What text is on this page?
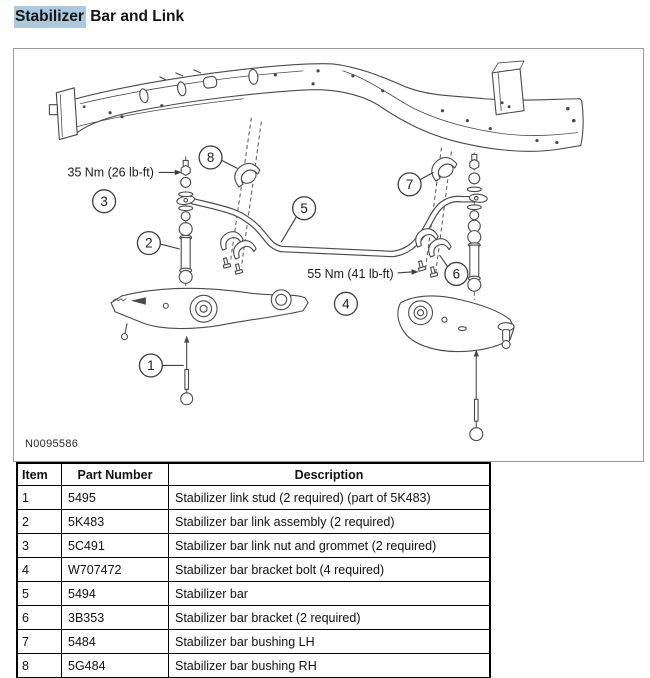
Stabilizer Bar and Link
1
2
3
4
5
6
7
8
35 Nm (26 lb-ft)
55 Nm (41 lb-ft)
N0095586
Item	Part Number	Description
1	5495	Stabilizer link stud (2 required) (part of 5K483)
2	5K483	Stabilizer bar link assembly (2 required)
3	5C491	Stabilizer bar link nut and grommet (2 required)
4	W707472	Stabilizer bar bracket bolt (4 required)
5	5494	Stabilizer bar
6	3B353	Stabilizer bar bracket (2 required)
7	5484	Stabilizer bar bushing LH
8	5G484	Stabilizer bar bushing RH
